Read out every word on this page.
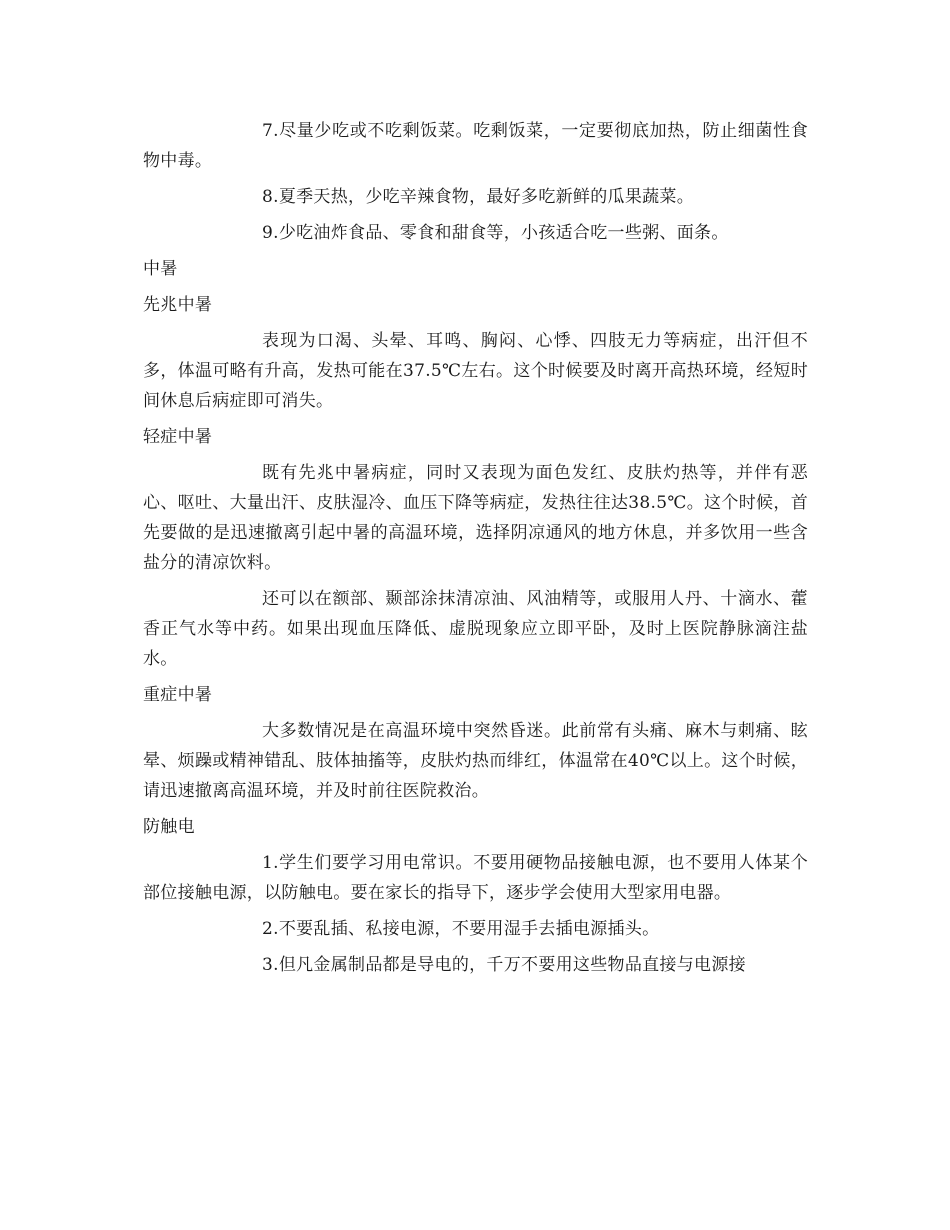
7.尽量少吃或不吃剩饭菜。吃剩饭菜，一定要彻底加热，防止细菌性食物中毒。

8.夏季天热，少吃辛辣食物，最好多吃新鲜的瓜果蔬菜。

9.少吃油炸食品、零食和甜食等，小孩适合吃一些粥、面条。

中暑

先兆中暑

表现为口渴、头晕、耳鸣、胸闷、心悸、四肢无力等病症，出汗但不多，体温可略有升高，发热可能在37.5℃左右。这个时候要及时离开高热环境，经短时间休息后病症即可消失。

轻症中暑

既有先兆中暑病症，同时又表现为面色发红、皮肤灼热等，并伴有恶心、呕吐、大量出汗、皮肤湿冷、血压下降等病症，发热往往达38.5℃。这个时候，首先要做的是迅速撤离引起中暑的高温环境，选择阴凉通风的地方休息，并多饮用一些含盐分的清凉饮料。

还可以在额部、颞部涂抹清凉油、风油精等，或服用人丹、十滴水、藿香正气水等中药。如果出现血压降低、虚脱现象应立即平卧，及时上医院静脉滴注盐水。

重症中暑

大多数情况是在高温环境中突然昏迷。此前常有头痛、麻木与刺痛、眩晕、烦躁或精神错乱、肢体抽搐等，皮肤灼热而绯红，体温常在40℃以上。这个时候，请迅速撤离高温环境，并及时前往医院救治。

防触电

1.学生们要学习用电常识。不要用硬物品接触电源，也不要用人体某个部位接触电源，以防触电。要在家长的指导下，逐步学会使用大型家用电器。

2.不要乱插、私接电源，不要用湿手去插电源插头。

3.但凡金属制品都是导电的，千万不要用这些物品直接与电源接
